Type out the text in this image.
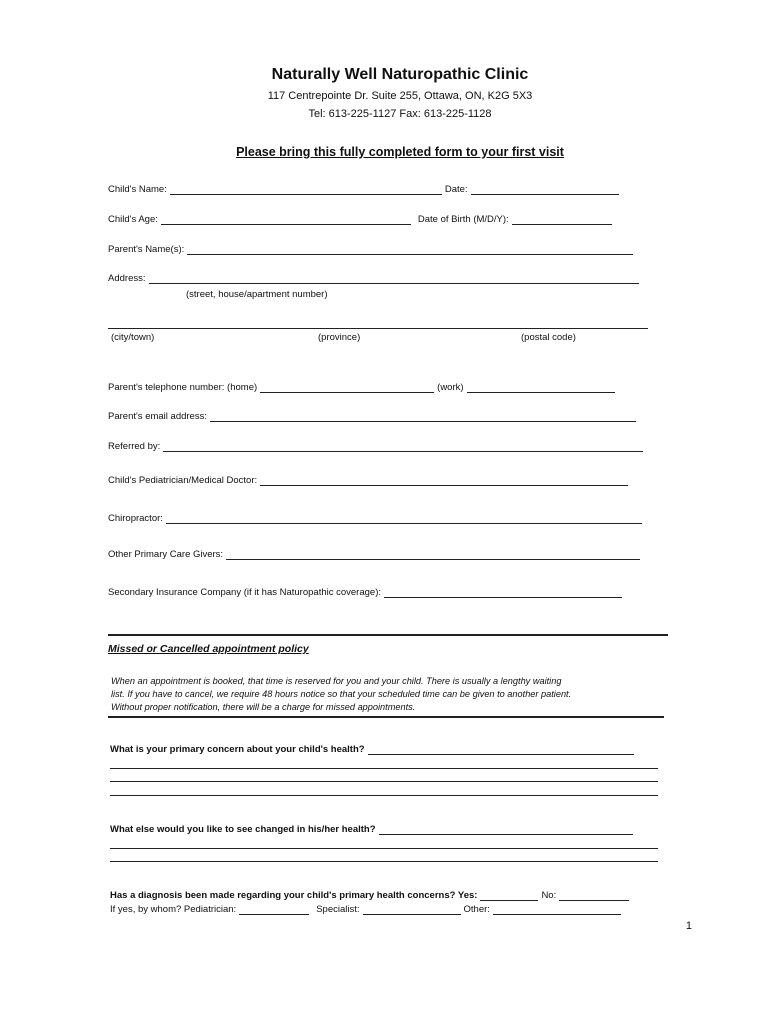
Naturally Well Naturopathic Clinic
117 Centrepointe Dr. Suite 255, Ottawa, ON, K2G 5X3
Tel: 613-225-1127 Fax: 613-225-1128
Please bring this fully completed form to your first visit
Child's Name:	Date:
Child's Age:	Date of Birth (M/D/Y):
Parent's Name(s):
Address:
(street, house/apartment number)
(city/town)	(province)	(postal code)
Parent's telephone number: (home)	(work)
Parent's email address:
Referred by:
Child's Pediatrician/Medical Doctor:
Chiropractor:
Other Primary Care Givers:
Secondary Insurance Company (if it has Naturopathic coverage):
Missed or Cancelled appointment policy
When an appointment is booked, that time is reserved for you and your child. There is usually a lengthy waiting
list. If you have to cancel, we require 48 hours notice so that your scheduled time can be given to another patient.
Without proper notification, there will be a charge for missed appointments.
What is your primary concern about your child's health?
What else would you like to see changed in his/her health?
Has a diagnosis been made regarding your child's primary health concerns? Yes:	No:
If yes, by whom? Pediatrician:	Specialist:	Other:
1
